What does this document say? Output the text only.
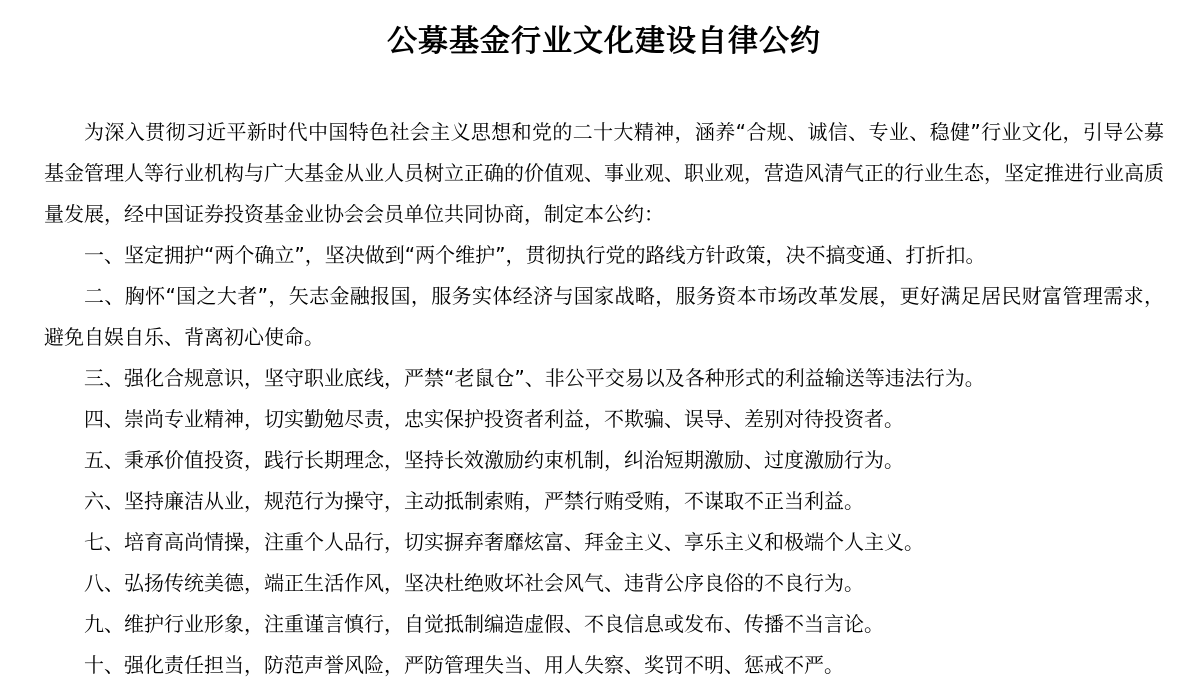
公募基金行业文化建设自律公约

为深入贯彻习近平新时代中国特色社会主义思想和党的二十大精神，涵养“合规、诚信、专业、稳健”行业文化，引导公募基金管理人等行业机构与广大基金从业人员树立正确的价值观、事业观、职业观，营造风清气正的行业生态，坚定推进行业高质量发展，经中国证券投资基金业协会会员单位共同协商，制定本公约：

一、坚定拥护“两个确立”，坚决做到“两个维护”，贯彻执行党的路线方针政策，决不搞变通、打折扣。

二、胸怀“国之大者”，矢志金融报国，服务实体经济与国家战略，服务资本市场改革发展，更好满足居民财富管理需求，避免自娱自乐、背离初心使命。

三、强化合规意识，坚守职业底线，严禁“老鼠仓”、非公平交易以及各种形式的利益输送等违法行为。

四、崇尚专业精神，切实勤勉尽责，忠实保护投资者利益，不欺骗、误导、差别对待投资者。

五、秉承价值投资，践行长期理念，坚持长效激励约束机制，纠治短期激励、过度激励行为。

六、坚持廉洁从业，规范行为操守，主动抵制索贿，严禁行贿受贿，不谋取不正当利益。

七、培育高尚情操，注重个人品行，切实摒弃奢靡炫富、拜金主义、享乐主义和极端个人主义。

八、弘扬传统美德，端正生活作风，坚决杜绝败坏社会风气、违背公序良俗的不良行为。

九、维护行业形象，注重谨言慎行，自觉抵制编造虚假、不良信息或发布、传播不当言论。

十、强化责任担当，防范声誉风险，严防管理失当、用人失察、奖罚不明、惩戒不严。
